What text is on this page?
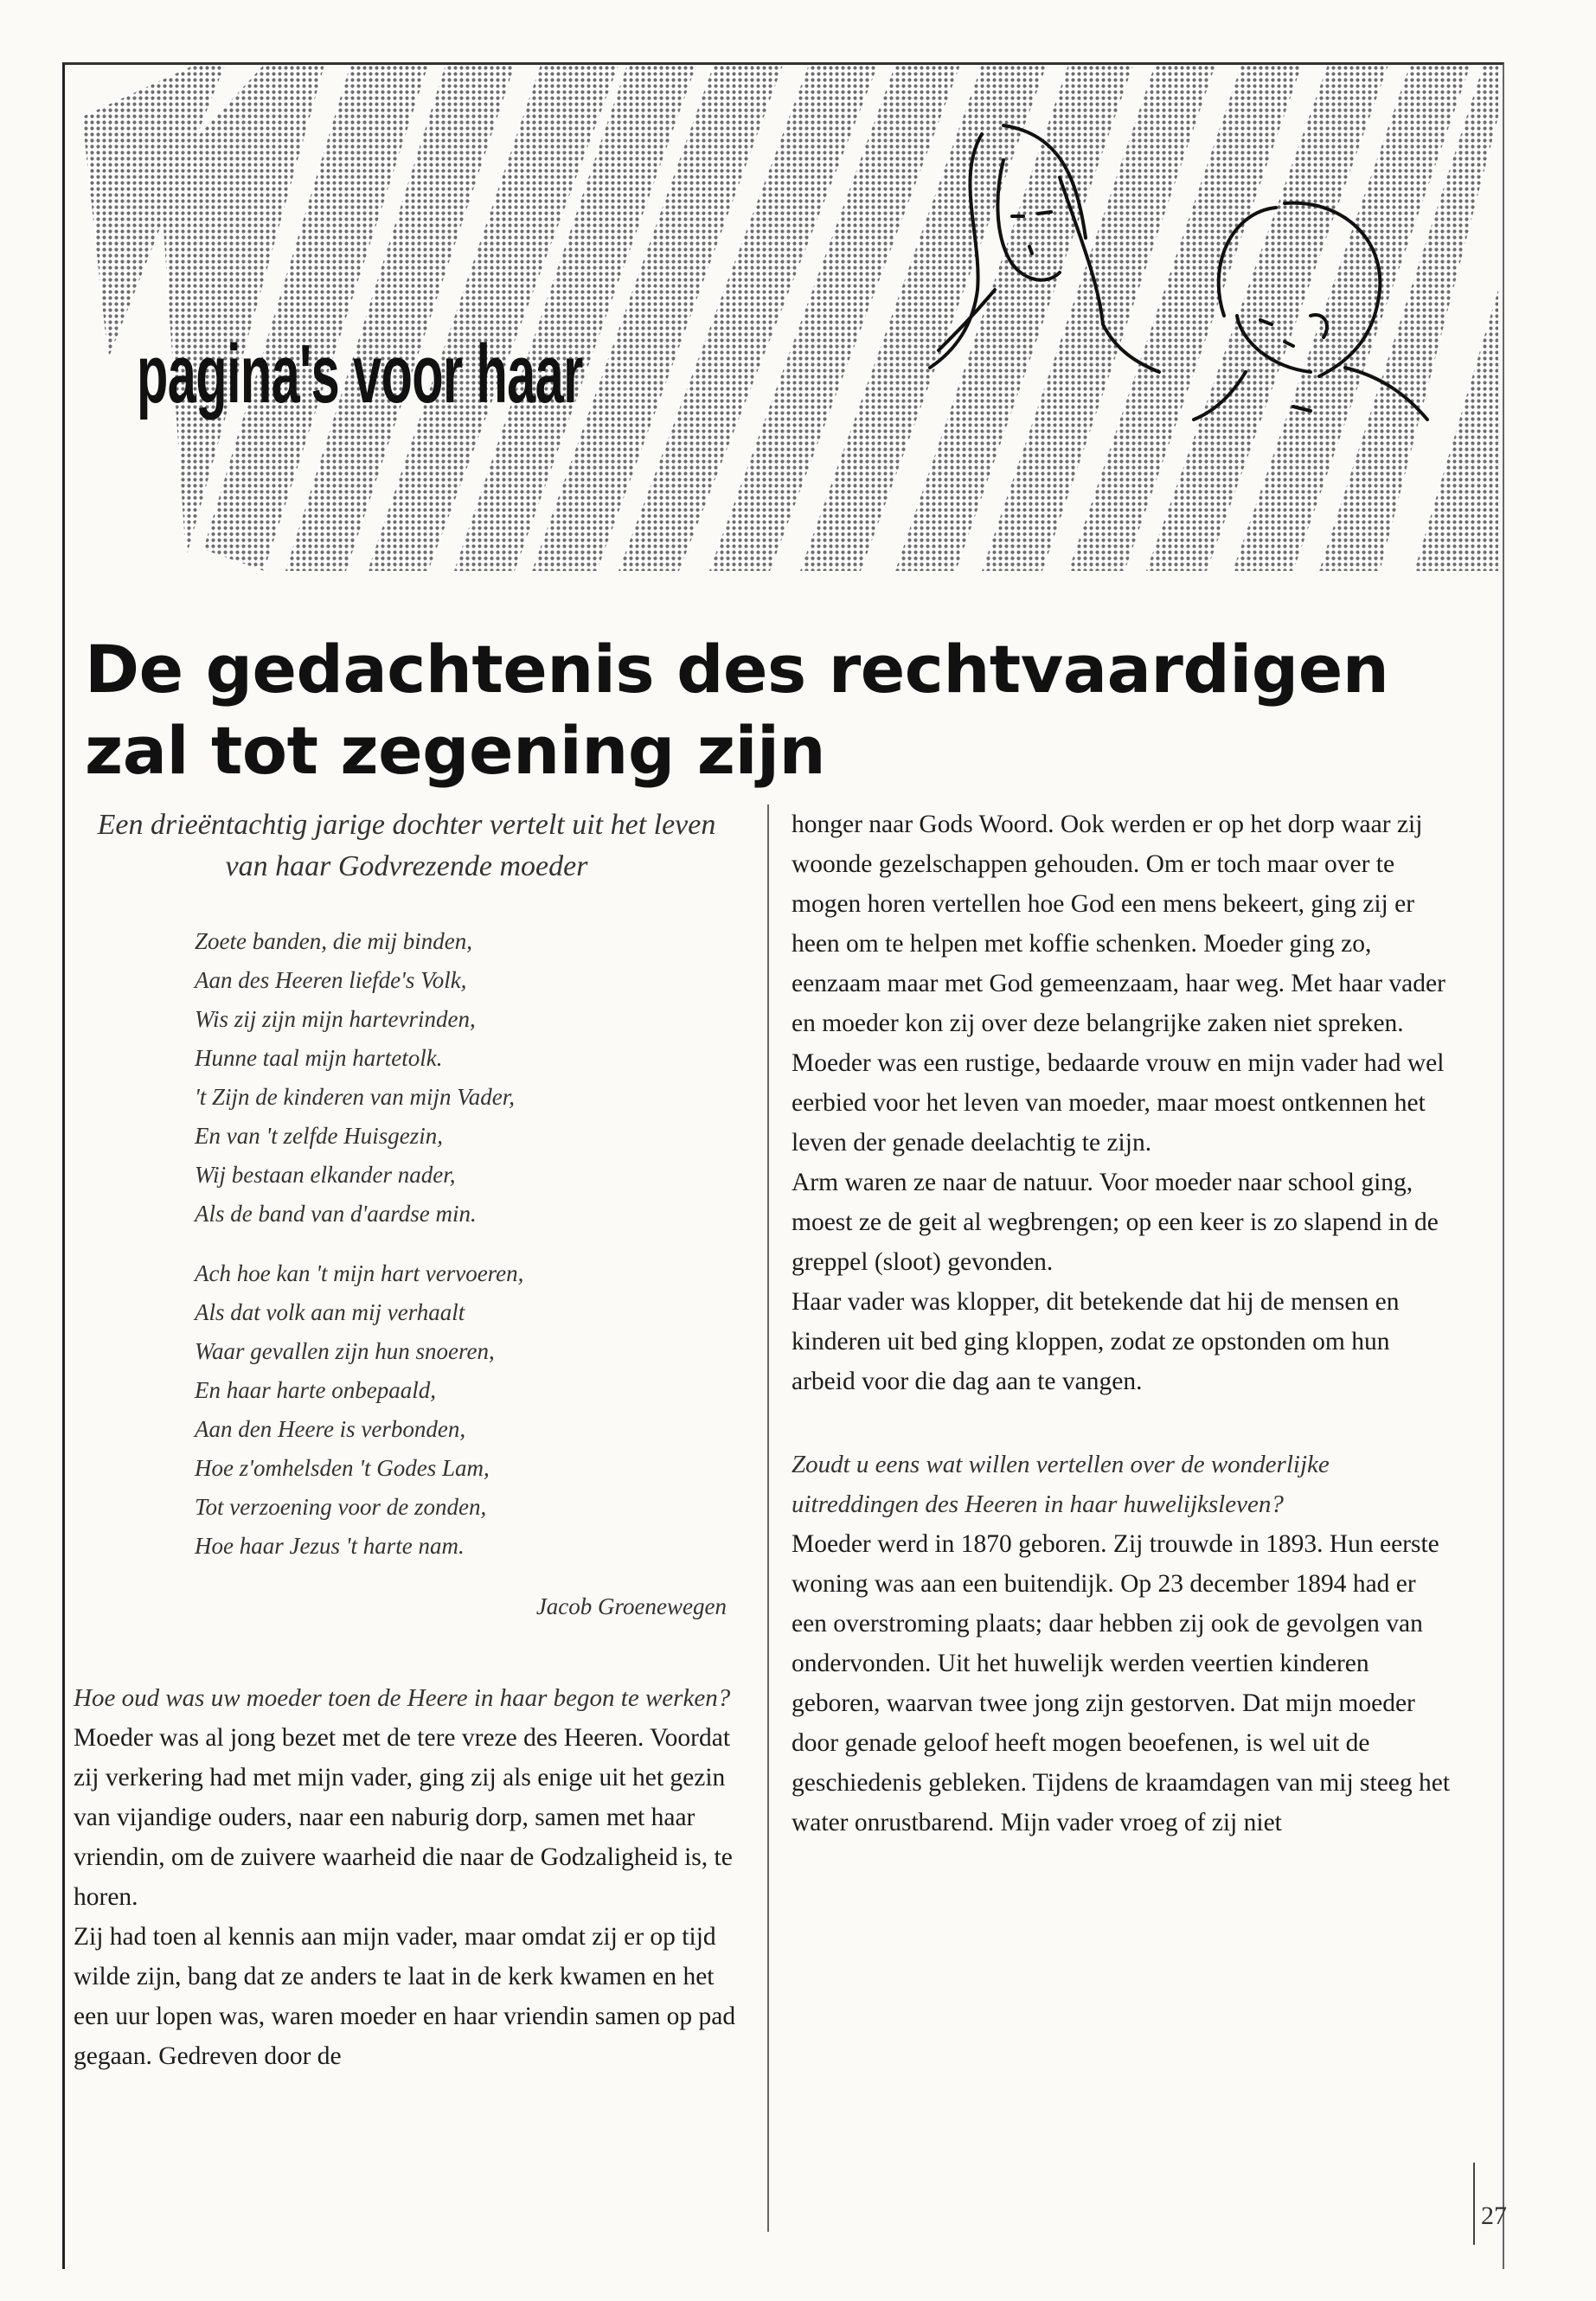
pagina's voor haar
De gedachtenis des rechtvaardigen zal tot zegening zijn

Een drieëntachtig jarige dochter vertelt uit het leven van haar Godvrezende moeder

Zoete banden, die mij binden,
Aan des Heeren liefde's Volk,
Wis zij zijn mijn hartevrinden,
Hunne taal mijn hartetolk.
't Zijn de kinderen van mijn Vader,
En van 't zelfde Huisgezin,
Wij bestaan elkander nader,
Als de band van d'aardse min.
Ach hoe kan 't mijn hart vervoeren,
Als dat volk aan mij verhaalt
Waar gevallen zijn hun snoeren,
En haar harte onbepaald,
Aan den Heere is verbonden,
Hoe z'omhelsden 't Godes Lam,
Tot verzoening voor de zonden,
Hoe haar Jezus 't harte nam.
Jacob Groenewegen

Hoe oud was uw moeder toen de Heere in haar begon te werken?

Moeder was al jong bezet met de tere vreze des Heeren. Voordat zij verkering had met mijn vader, ging zij als enige uit het gezin van vijandige ouders, naar een naburig dorp, samen met haar vriendin, om de zuivere waarheid die naar de Godzaligheid is, te horen.

Zij had toen al kennis aan mijn vader, maar omdat zij er op tijd wilde zijn, bang dat ze anders te laat in de kerk kwamen en het een uur lopen was, waren moeder en haar vriendin samen op pad gegaan. Gedreven door de

honger naar Gods Woord. Ook werden er op het dorp waar zij woonde gezelschappen gehouden. Om er toch maar over te mogen horen vertellen hoe God een mens bekeert, ging zij er heen om te helpen met koffie schenken. Moeder ging zo, eenzaam maar met God gemeenzaam, haar weg. Met haar vader en moeder kon zij over deze belangrijke zaken niet spreken.

Moeder was een rustige, bedaarde vrouw en mijn vader had wel eerbied voor het leven van moeder, maar moest ontkennen het leven der genade deelachtig te zijn.

Arm waren ze naar de natuur. Voor moeder naar school ging, moest ze de geit al wegbrengen; op een keer is zo slapend in de greppel (sloot) gevonden.

Haar vader was klopper, dit betekende dat hij de mensen en kinderen uit bed ging kloppen, zodat ze opstonden om hun arbeid voor die dag aan te vangen.

Zoudt u eens wat willen vertellen over de wonderlijke uitreddingen des Heeren in haar huwelijksleven?

Moeder werd in 1870 geboren. Zij trouwde in 1893. Hun eerste woning was aan een buitendijk. Op 23 december 1894 had er een overstroming plaats; daar hebben zij ook de gevolgen van ondervonden. Uit het huwelijk werden veertien kinderen geboren, waarvan twee jong zijn gestorven. Dat mijn moeder door genade geloof heeft mogen beoefenen, is wel uit de geschiedenis gebleken. Tijdens de kraamdagen van mij steeg het water onrustbarend. Mijn vader vroeg of zij niet

27
